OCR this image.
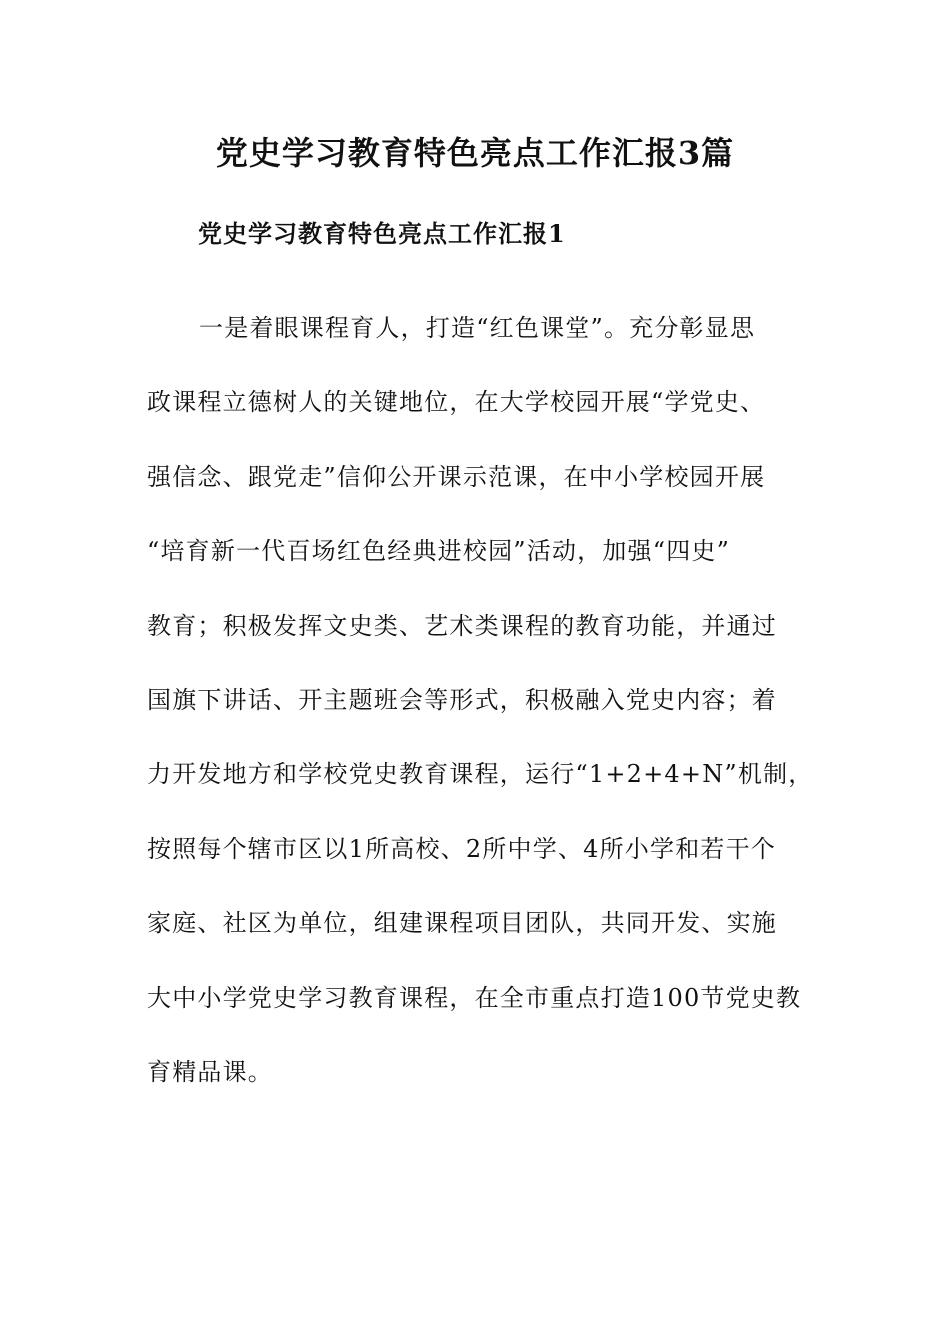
党史学习教育特色亮点工作汇报3篇
党史学习教育特色亮点工作汇报1
一是着眼课程育人，打造“红色课堂”。充分彰显思
政课程立德树人的关键地位，在大学校园开展“学党史、
强信念、跟党走”信仰公开课示范课，在中小学校园开展
“培育新一代百场红色经典进校园”活动，加强“四史”
教育；积极发挥文史类、艺术类课程的教育功能，并通过
国旗下讲话、开主题班会等形式，积极融入党史内容；着
力开发地方和学校党史教育课程，运行“1+2+4+N”机制，
按照每个辖市区以1所高校、2所中学、4所小学和若干个
家庭、社区为单位，组建课程项目团队，共同开发、实施
大中小学党史学习教育课程，在全市重点打造100节党史教
育精品课。
